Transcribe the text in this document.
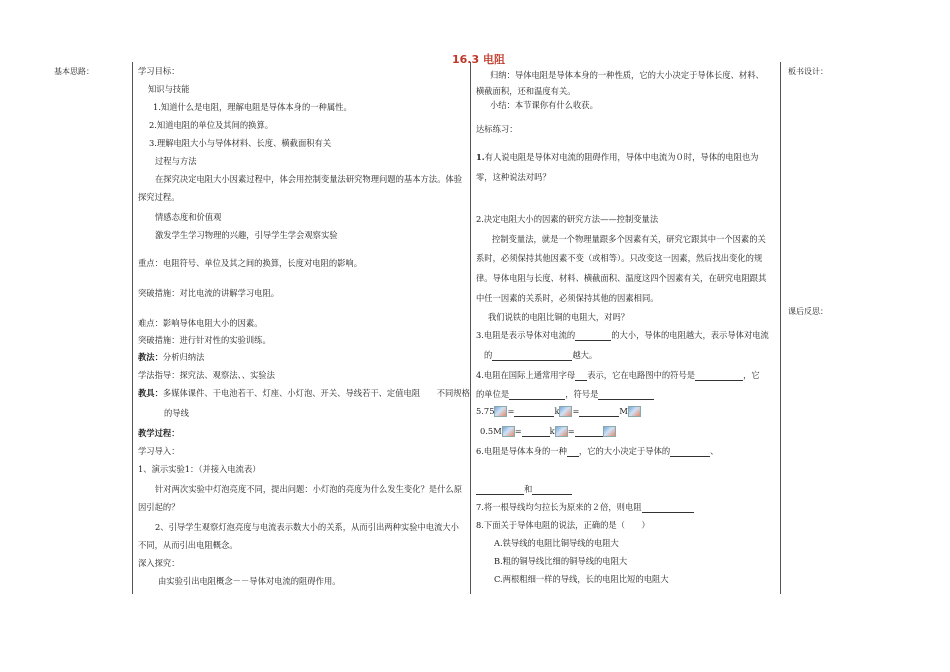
16.3 电阻
基本思路：	板书设计：
课后反思：
学习目标：
知识与技能
1.知道什么是电阻，理解电阻是导体本身的一种属性。
2.知道电阻的单位及其间的换算。
3.理解电阻大小与导体材料、长度、横截面积有关
过程与方法
在探究决定电阻大小因素过程中，体会用控制变量法研究物理问题的基本方法。体验
探究过程。
情感态度和价值观
激发学生学习物理的兴趣，引导学生学会观察实验
重点：电阻符号、单位及其之间的换算，长度对电阻的影响。
突破措施：对比电流的讲解学习电阻。
难点：影响导体电阻大小的因素。
突破措施：进行针对性的实验训练。
教法：分析归纳法
学法指导：探究法、观察法、、实验法
教具：多媒体课件、干电池若干、灯座、小灯泡、开关、导线若干、定值电阻　　不同规格
的导线
教学过程：
学习导入：
1、演示实验1：（并接入电流表）
针对两次实验中灯泡亮度不同，提出问题：小灯泡的亮度为什么发生变化？是什么原
因引起的？
2、引导学生观察灯泡亮度与电流表示数大小的关系，从而引出两种实验中电流大小
不同，从而引出电阻概念。
深入探究：
由实验引出电阻概念－－导体对电流的阻碍作用。
归纳：导体电阻是导体本身的一种性质，它的大小决定于导体长度、材料、
横截面积，还和温度有关。
小结：本节课你有什么收获。
达标练习：
1.有人说电阻是导体对电流的阻碍作用，导体中电流为０时，导体的电阻也为
零，这种说法对吗？
2.决定电阻大小的因素的研究方法——控制变量法
控制变量法，就是一个物理量跟多个因素有关，研究它跟其中一个因素的关
系时，必须保持其他因素不变（或相等）。只改变这一因素，然后找出变化的规
律。导体电阻与长度、材料、横截面积、温度这四个因素有关，在研究电阻跟其
中任一因素的关系时，必须保持其他的因素相同。
我们说铁的电阻比铜的电阻大，对吗？
3.电阻是表示导体对电流的	的大小，导体的电阻越大，表示导体对电流
的	越大。
4.电阻在国际上通常用字母 表示，它在电路图中的符号是	，它
的单位是	，符号是
5.75 =	k =	M
0.5M =	k =
6.电阻是导体本身的一种 ，它的大小决定于导体的	、
和
7.将一根导线均匀拉长为原来的２倍，则电阻
8.下面关于导体电阻的说法，正确的是（　　）
A.铁导线的电阻比铜导线的电阻大
B.粗的铜导线比细的铜导线的电阻大
C.两根粗细一样的导线，长的电阻比短的电阻大
